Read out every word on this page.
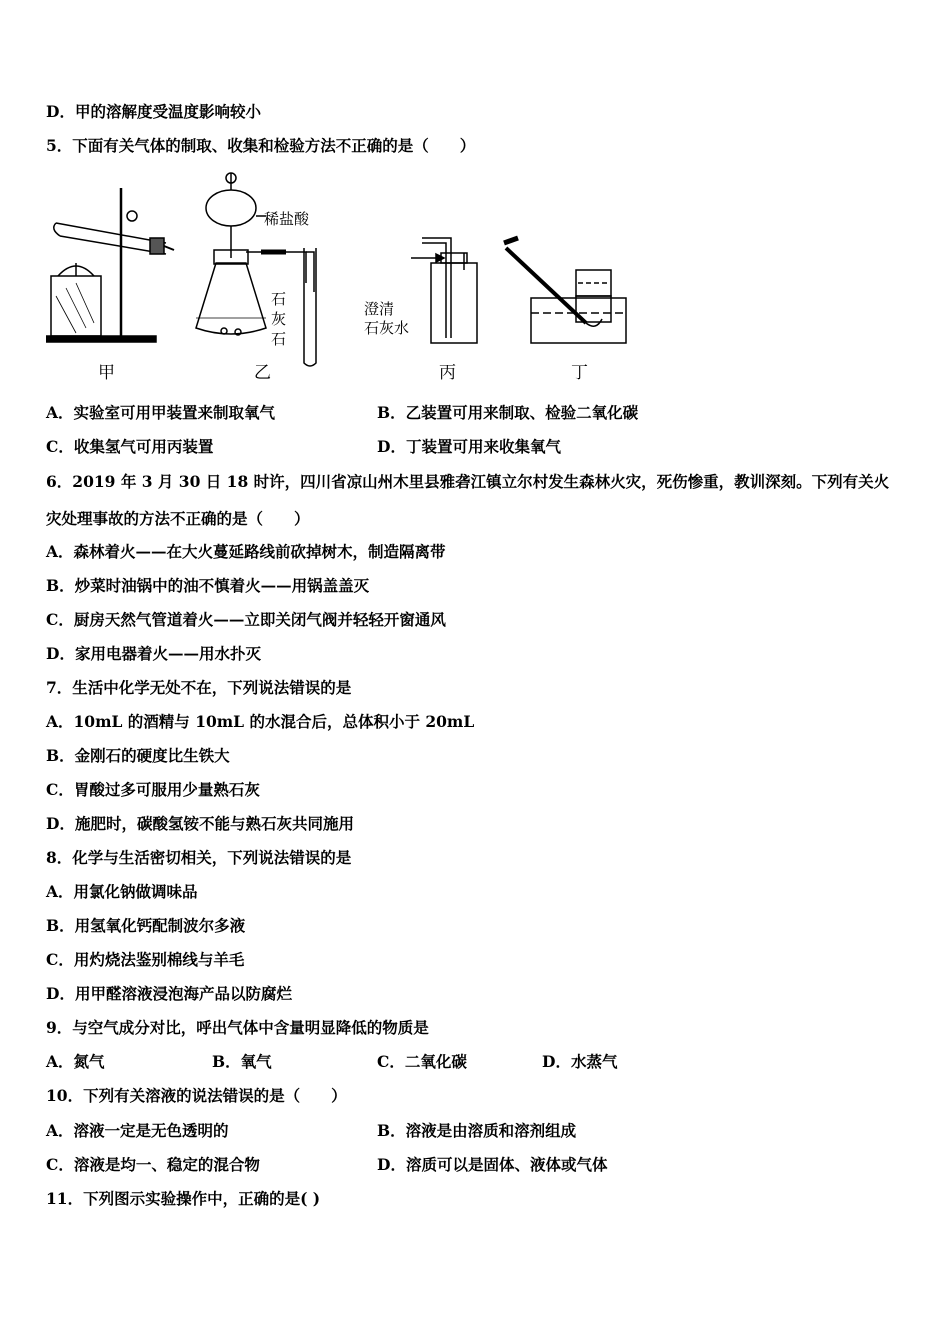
D．甲的溶解度受温度影响较小
5．下面有关气体的制取、收集和检验方法不正确的是（　　）
甲	乙	丙	丁
稀盐酸
石
灰
石
澄清
石灰水
A．实验室可用甲装置来制取氧气	B．乙装置可用来制取、检验二氧化碳
C．收集氢气可用丙装置	D．丁装置可用来收集氧气
6．2019 年 3 月 30 日 18 时许，四川省凉山州木里县雅砻江镇立尔村发生森林火灾，死伤惨重，教训深刻。下列有关火
灾处理事故的方法不正确的是（　　）
A．森林着火——在大火蔓延路线前砍掉树木，制造隔离带
B．炒菜时油锅中的油不慎着火——用锅盖盖灭
C．厨房天然气管道着火——立即关闭气阀并轻轻开窗通风
D．家用电器着火——用水扑灭
7．生活中化学无处不在，下列说法错误的是
A．10mL 的酒精与 10mL 的水混合后，总体积小于 20mL
B．金刚石的硬度比生铁大
C．胃酸过多可服用少量熟石灰
D．施肥时，碳酸氢铵不能与熟石灰共同施用
8．化学与生活密切相关，下列说法错误的是
A．用氯化钠做调味品
B．用氢氧化钙配制波尔多液
C．用灼烧法鉴别棉线与羊毛
D．用甲醛溶液浸泡海产品以防腐烂
9．与空气成分对比，呼出气体中含量明显降低的物质是
A．氮气	B．氧气	C．二氧化碳	D．水蒸气
10．下列有关溶液的说法错误的是（　　）
A．溶液一定是无色透明的	B．溶液是由溶质和溶剂组成
C．溶液是均一、稳定的混合物	D．溶质可以是固体、液体或气体
11．下列图示实验操作中，正确的是( )
